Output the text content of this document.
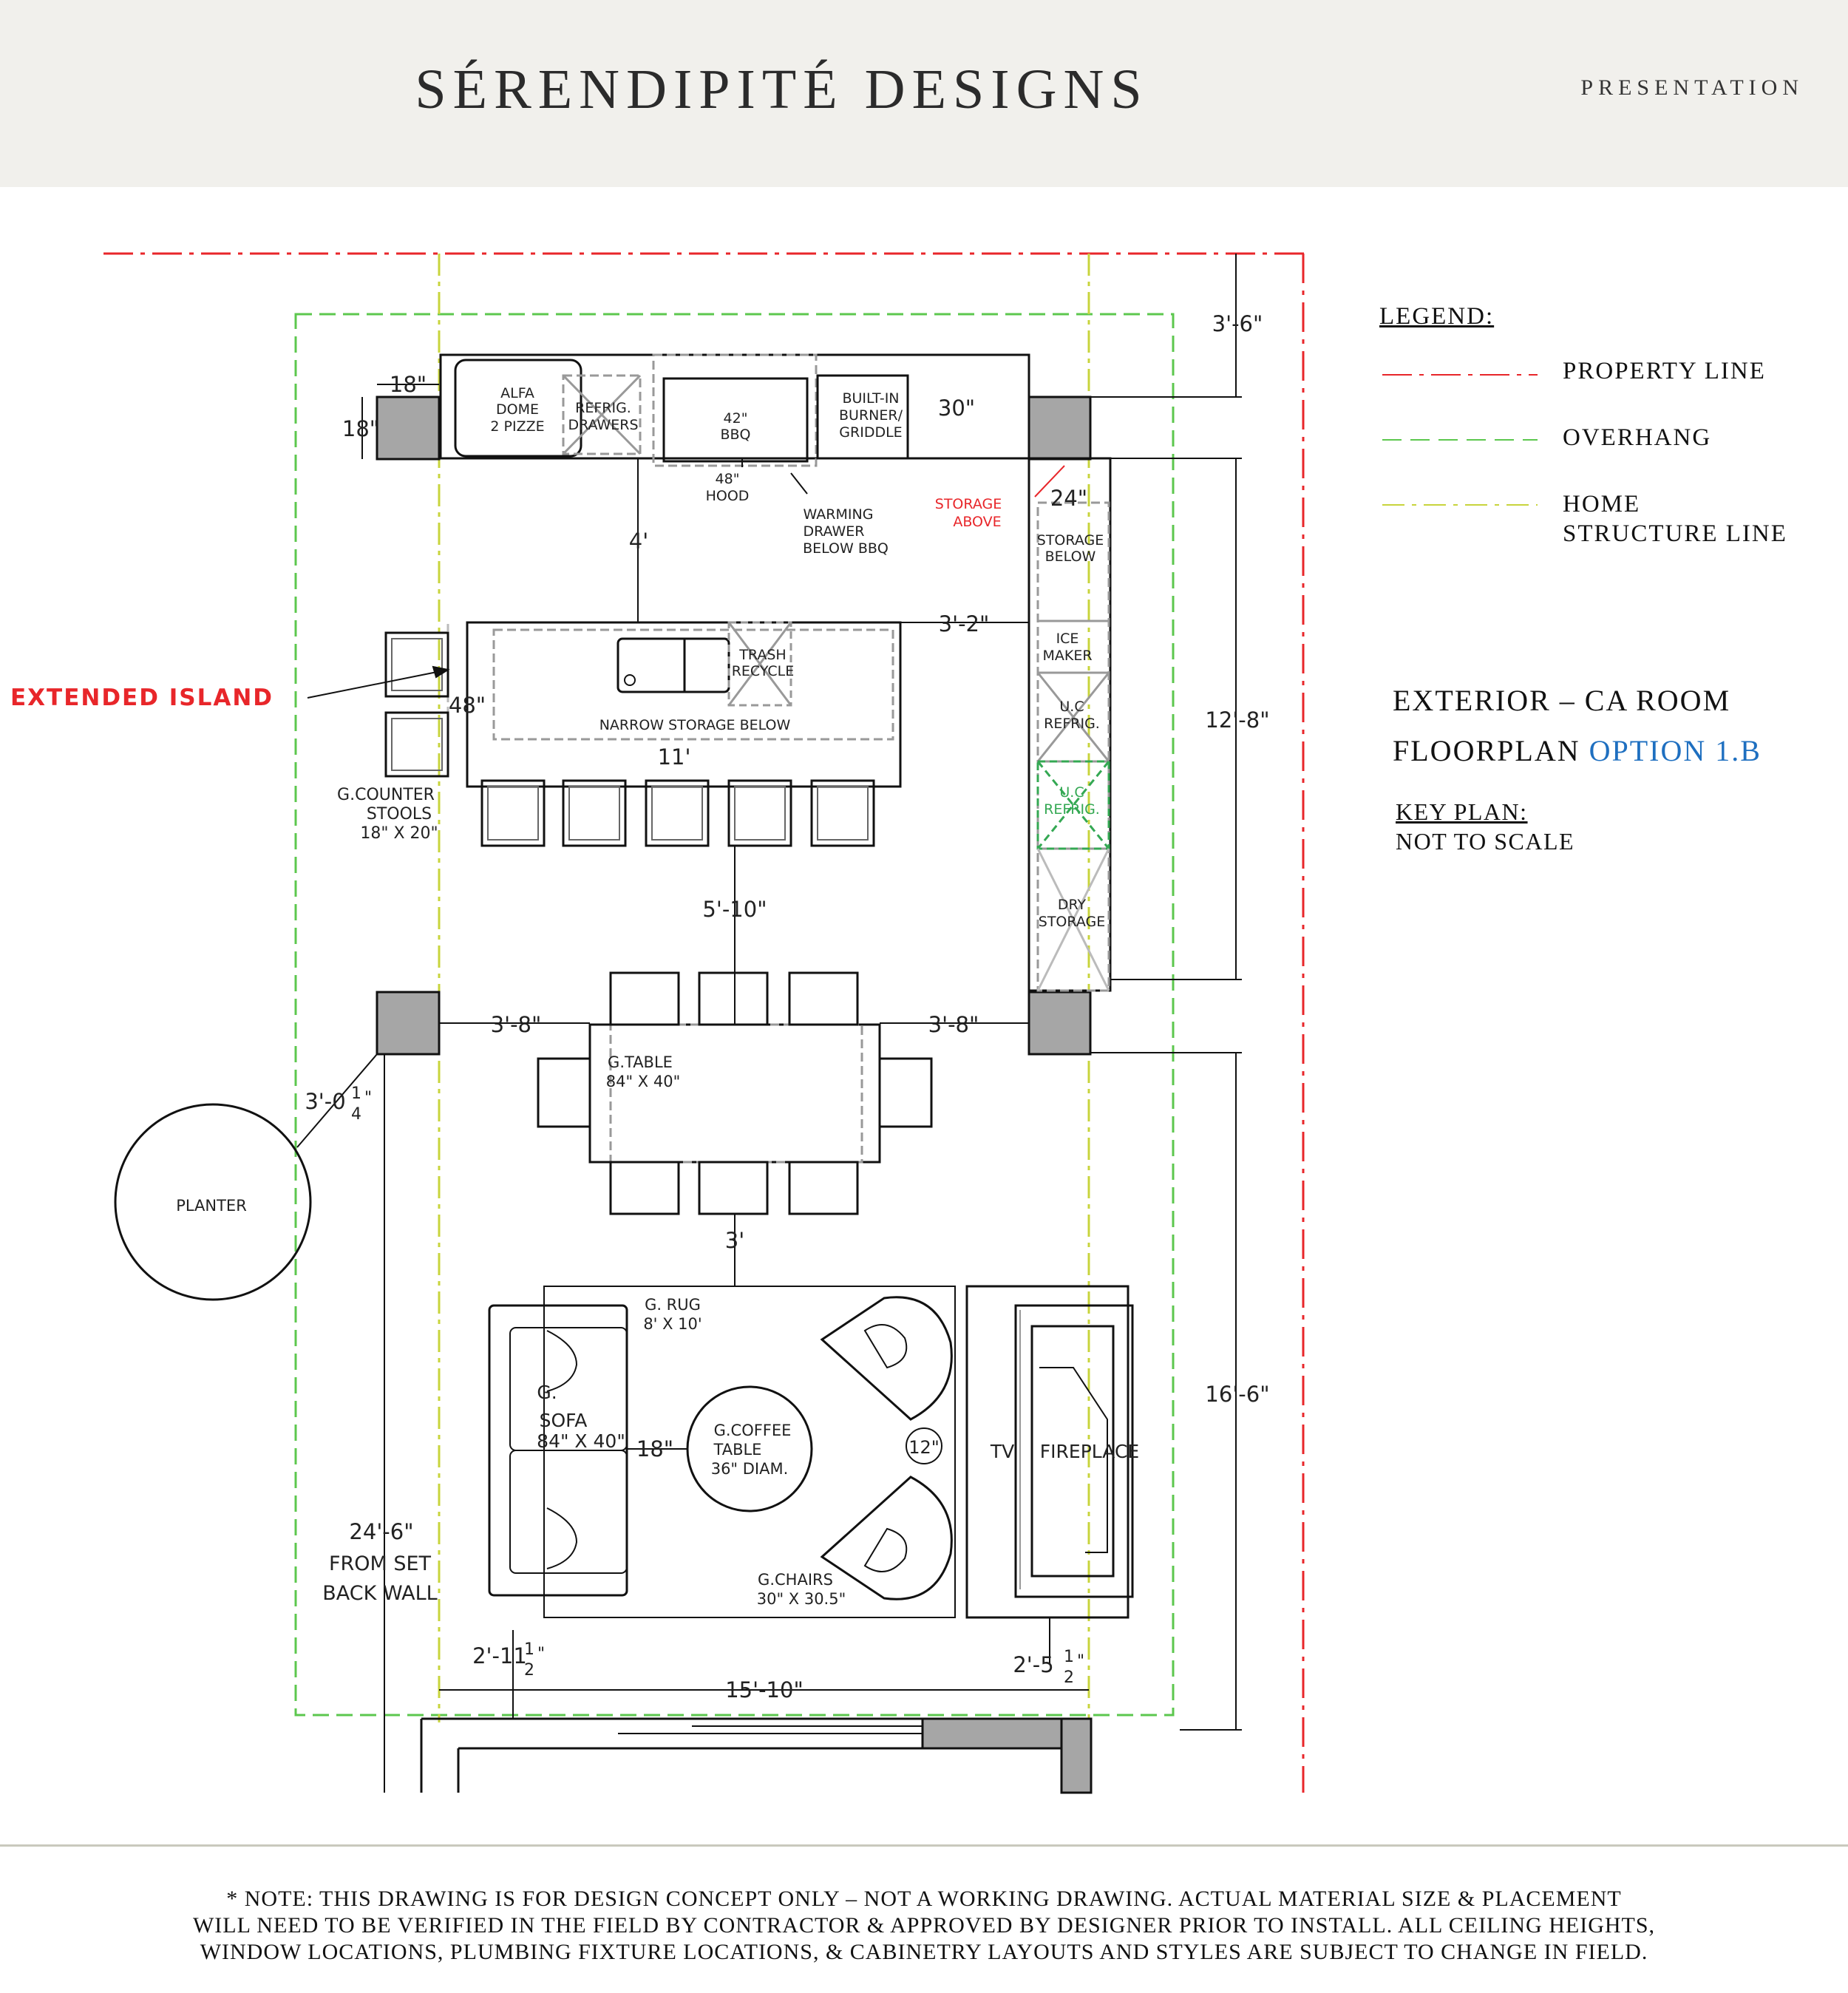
SÉRENDIPITÉ DESIGNS	PRESENTATION
EXTENDED ISLAND
ALFA
DOME
2 PIZZE
REFRIG.
DRAWERS	42"
BBQ
BUILT-IN
BURNER/
GRIDDLE
48"
HOOD
WARMING
DRAWER
BELOW BBQ
STORAGE
ABOVE
STORAGE
BELOW
ICE
MAKER
U.C
REFRIG.
U.C
REFRIG.
DRY
STORAGE
TRASH
RECYCLE
NARROW STORAGE BELOW
G.COUNTER
STOOLS
18" X 20"
G.TABLE
84" X 40"
PLANTER
G. RUG
8' X 10'
G.
SOFA
84" X 40"	G.COFFEE
TABLE
36" DIAM.
12"
G.CHAIRS
30" X 30.5"
TV FIREPLACE
18"
18"
30"
4'
3'-2"
48"
11'
24"
3'-6"
12'-8"
5'-10"
3'-8"	3'-8"
3'-0 1
4
"
3'
18"
16'-6"
24'-6"
FROM SET
BACK WALL
2'-11
1
2
"	2'-5 1
2
"
15'-10"
LEGEND:
PROPERTY LINE
OVERHANG
HOME
STRUCTURE LINE
EXTERIOR – CA ROOM
FLOORPLAN OPTION 1.B
KEY PLAN:
NOT TO SCALE
* NOTE: THIS DRAWING IS FOR DESIGN CONCEPT ONLY – NOT A WORKING DRAWING. ACTUAL MATERIAL SIZE & PLACEMENT
WILL NEED TO BE VERIFIED IN THE FIELD BY CONTRACTOR & APPROVED BY DESIGNER PRIOR TO INSTALL. ALL CEILING HEIGHTS,
WINDOW LOCATIONS, PLUMBING FIXTURE LOCATIONS, & CABINETRY LAYOUTS AND STYLES ARE SUBJECT TO CHANGE IN FIELD.
